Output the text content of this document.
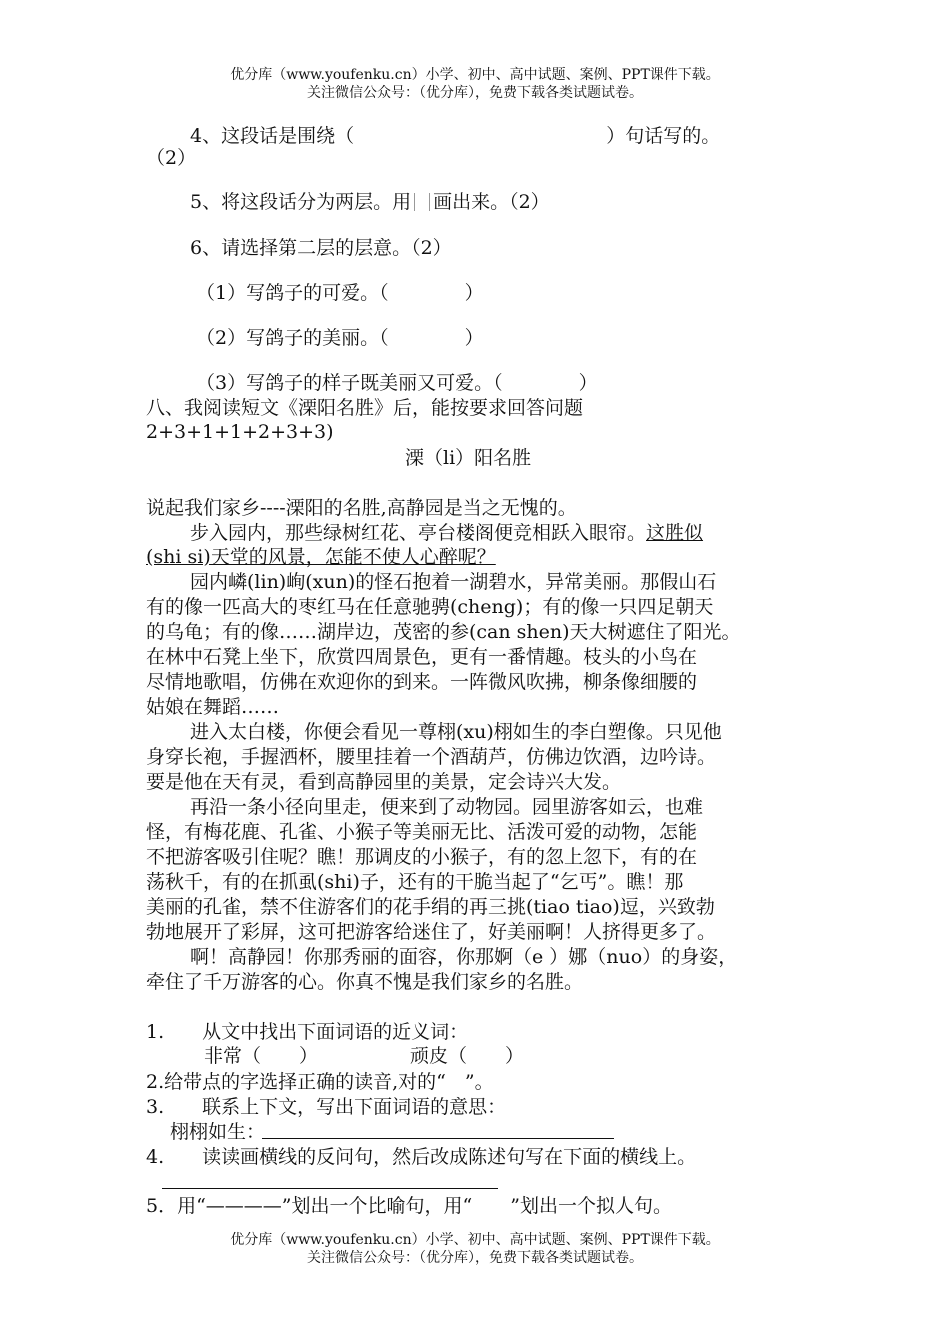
优分库（www.youfenku.cn）小学、初中、高中试题、案例、PPT课件下载。
关注微信公众号：（优分库），免费下载各类试题试卷。
4、这段话是围绕（	）句话写的。
（2）
5、将这段话分为两层。用 画出来。（2）
6、请选择第二层的层意。（2）
（1）写鸽子的可爱。（　　　　）
（2）写鸽子的美丽。（　　　　）
（3）写鸽子的样子既美丽又可爱。（　　　　）
八、我阅读短文《溧阳名胜》后，能按要求回答问题
2+3+1+1+2+3+3)
溧（li）阳名胜
说起我们家乡----溧阳的名胜,高静园是当之无愧的。
步入园内，那些绿树红花、亭台楼阁便竞相跃入眼帘。这胜似
(shi si)天堂的风景，怎能不使人心醉呢？
园内嶙(lin)峋(xun)的怪石抱着一湖碧水，异常美丽。那假山石
有的像一匹高大的枣红马在任意驰骋(cheng)；有的像一只四足朝天
的乌龟；有的像……湖岸边，茂密的参(can shen)天大树遮住了阳光。
在林中石凳上坐下，欣赏四周景色，更有一番情趣。枝头的小鸟在
尽情地歌唱，仿佛在欢迎你的到来。一阵微风吹拂，柳条像细腰的
姑娘在舞蹈……
进入太白楼，你便会看见一尊栩(xu)栩如生的李白塑像。只见他
身穿长袍，手握洒杯，腰里挂着一个酒葫芦，仿佛边饮酒，边吟诗。
要是他在天有灵，看到高静园里的美景，定会诗兴大发。
再沿一条小径向里走，便来到了动物园。园里游客如云，也难
怪，有梅花鹿、孔雀、小猴子等美丽无比、活泼可爱的动物，怎能
不把游客吸引住呢？瞧！那调皮的小猴子，有的忽上忽下，有的在
荡秋千，有的在抓虱(shi)子，还有的干脆当起了“乞丐”。瞧！那
美丽的孔雀，禁不住游客们的花手绢的再三挑(tiao tiao)逗，兴致勃
勃地展开了彩屏，这可把游客给迷住了，好美丽啊！人挤得更多了。
啊！高静园！你那秀丽的面容，你那婀（e ）娜（nuo）的身姿，
牵住了千万游客的心。你真不愧是我们家乡的名胜。
1.　　从文中找出下面词语的近义词：
非常（　　）	顽皮（　　）
2.给带点的字选择正确的读音,对的“　”。
3.　　联系上下文，写出下面词语的意思：
栩栩如生：
4.　　读读画横线的反问句，然后改成陈述句写在下面的横线上。
5．用“————”划出一个比喻句，用“　　”划出一个拟人句。
优分库（www.youfenku.cn）小学、初中、高中试题、案例、PPT课件下载。
关注微信公众号：（优分库），免费下载各类试题试卷。
